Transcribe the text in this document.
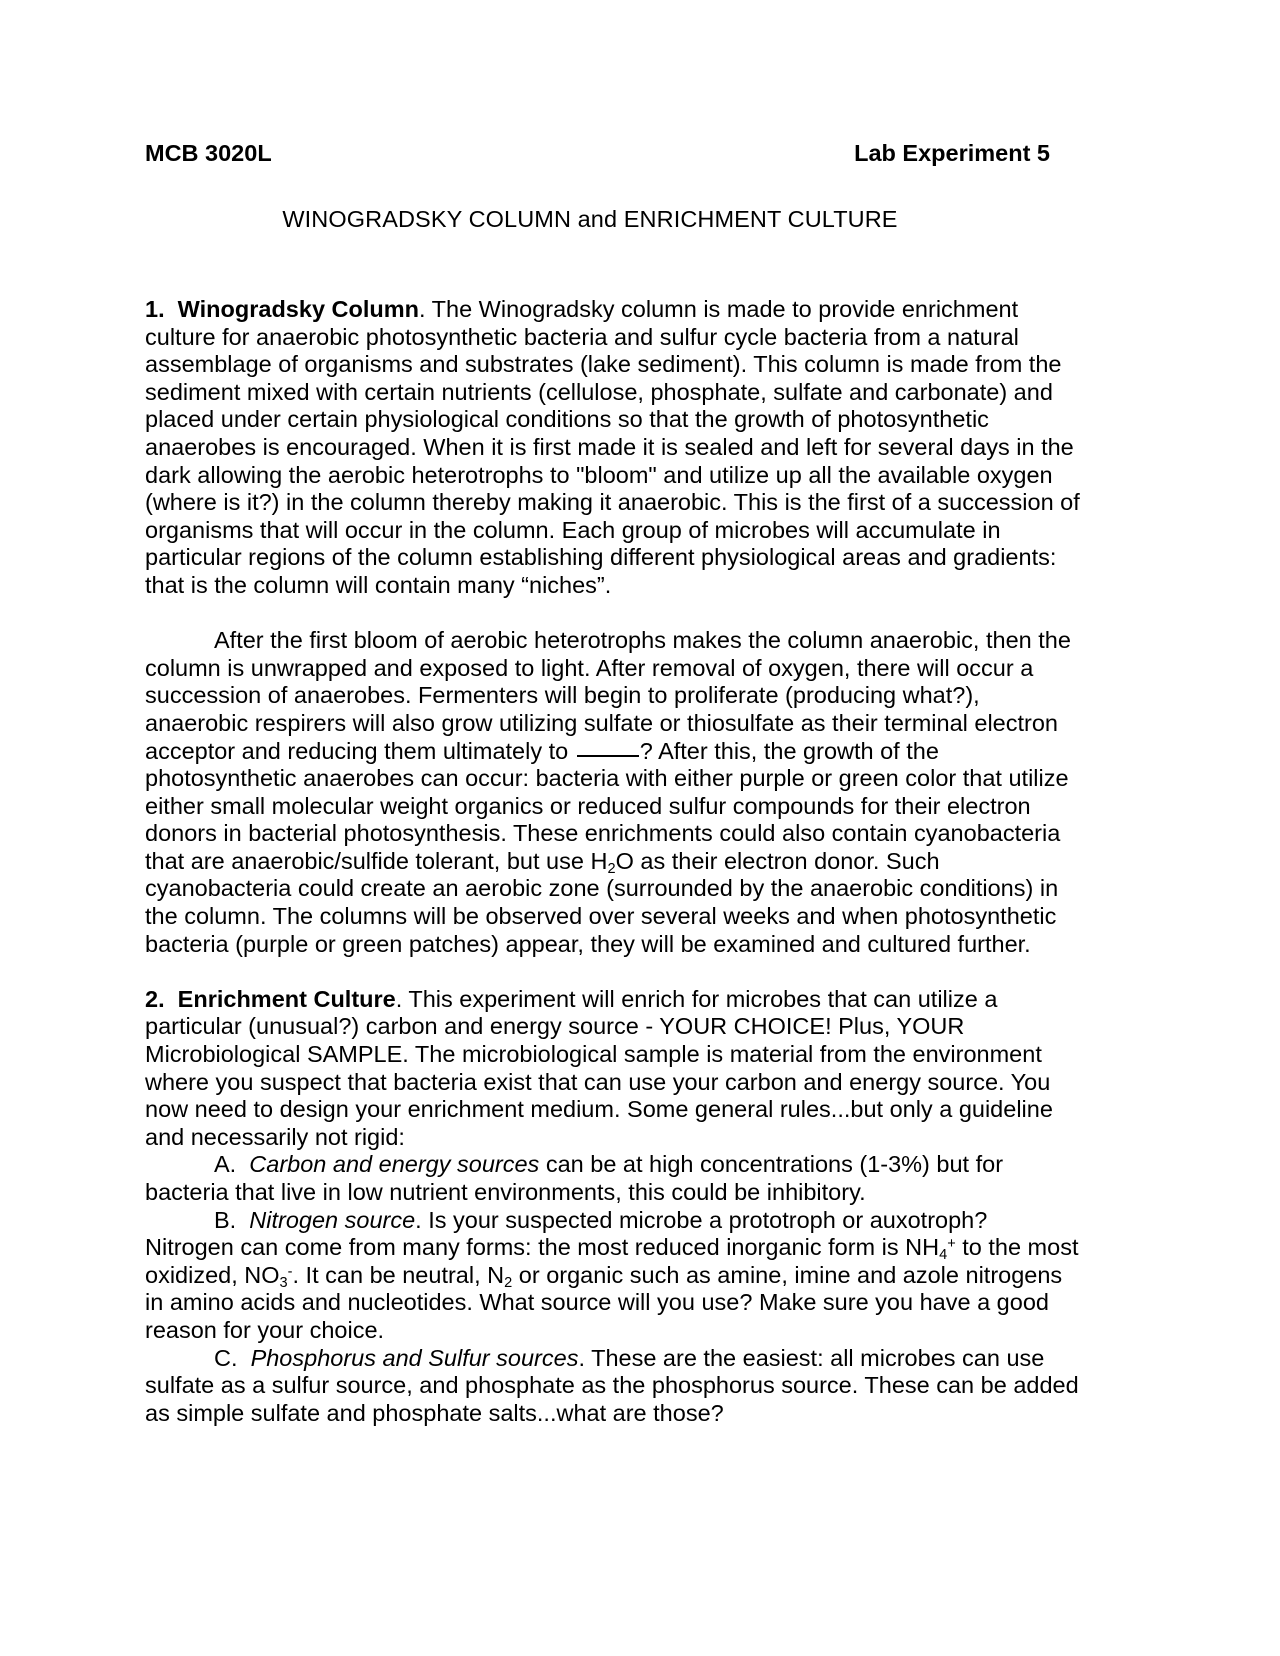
MCB 3020L	Lab Experiment 5
WINOGRADSKY COLUMN and ENRICHMENT CULTURE

1. Winogradsky Column. The Winogradsky column is made to provide enrichment culture for anaerobic photosynthetic bacteria and sulfur cycle bacteria from a natural assemblage of organisms and substrates (lake sediment). This column is made from the sediment mixed with certain nutrients (cellulose, phosphate, sulfate and carbonate) and placed under certain physiological conditions so that the growth of photosynthetic anaerobes is encouraged. When it is first made it is sealed and left for several days in the dark allowing the aerobic heterotrophs to "bloom" and utilize up all the available oxygen (where is it?) in the column thereby making it anaerobic. This is the first of a succession of organisms that will occur in the column. Each group of microbes will accumulate in particular regions of the column establishing different physiological areas and gradients: that is the column will contain many “niches”.

After the first bloom of aerobic heterotrophs makes the column anaerobic, then the column is unwrapped and exposed to light. After removal of oxygen, there will occur a succession of anaerobes. Fermenters will begin to proliferate (producing what?), anaerobic respirers will also grow utilizing sulfate or thiosulfate as their terminal electron acceptor and reducing them ultimately to	? After this, the growth of the photosynthetic anaerobes can occur: bacteria with either purple or green color that utilize either small molecular weight organics or reduced sulfur compounds for their electron donors in bacterial photosynthesis. These enrichments could also contain cyanobacteria that are anaerobic/sulfide tolerant, but use $H_2O$ as their electron donor. Such cyanobacteria could create an aerobic zone (surrounded by the anaerobic conditions) in the column. The columns will be observed over several weeks and when photosynthetic bacteria (purple or green patches) appear, they will be examined and cultured further.

2. Enrichment Culture. This experiment will enrich for microbes that can utilize a particular (unusual?) carbon and energy source - YOUR CHOICE! Plus, YOUR Microbiological SAMPLE. The microbiological sample is material from the environment where you suspect that bacteria exist that can use your carbon and energy source. You now need to design your enrichment medium. Some general rules...but only a guideline and necessarily not rigid:

A. Carbon and energy sources can be at high concentrations (1-3%) but for bacteria that live in low nutrient environments, this could be inhibitory.

B. Nitrogen source. Is your suspected microbe a prototroph or auxotroph? Nitrogen can come from many forms: the most reduced inorganic form is $NH_4^+$ to the most oxidized, $NO_3^-$. It can be neutral, $N_2$ or organic such as amine, imine and azole nitrogens in amino acids and nucleotides. What source will you use? Make sure you have a good reason for your choice.

C. Phosphorus and Sulfur sources. These are the easiest: all microbes can use sulfate as a sulfur source, and phosphate as the phosphorus source. These can be added as simple sulfate and phosphate salts...what are those?
